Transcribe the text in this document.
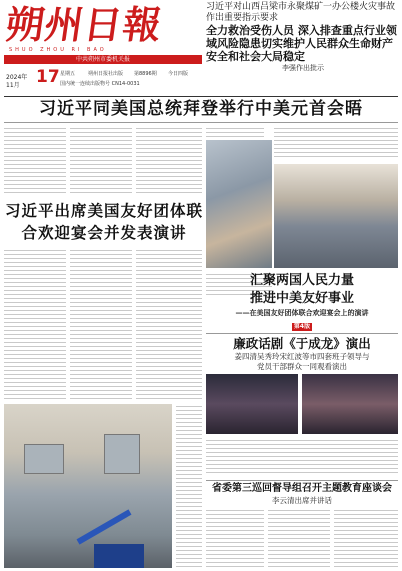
朔州日報
SHUO ZHOU RI BAO
中共朔州市委机关报
2024年
11月 17 星期五	朔州日报社出版 第8896期 今日四版
国内统一连续出版物号 CN14-0031
习近平对山西吕梁市永聚煤矿一办公楼火灾事故作出重要指示要求
全力救治受伤人员 深入排查重点行业领域风险隐患切实维护人民群众生命财产安全和社会大局稳定
李强作出批示
习近平同美国总统拜登举行中美元首会晤
习近平出席美国友好团体联合欢迎宴会并发表演讲
汇聚两国人民力量
推进中美友好事业
——在美国友好团体联合欢迎宴会上的演讲
第4版
廉政话剧《于成龙》演出
姜四清吴秀玲宋红波等市四套班子领导与
党员干部群众一同观看演出
省委第三巡回督导组召开主题教育座谈会
李云清出席并讲话
